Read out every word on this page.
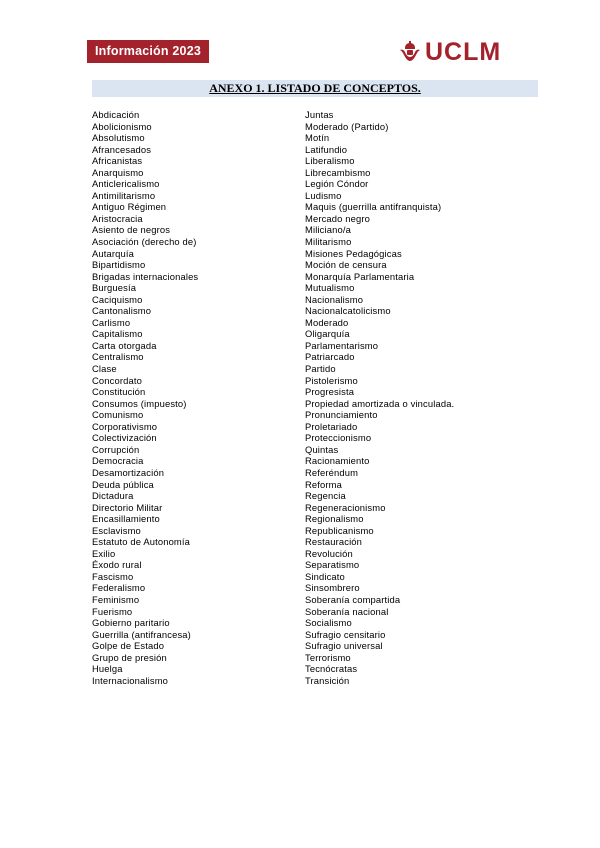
Información 2023	UCLM
ANEXO 1. LISTADO DE CONCEPTOS.
Abdicación
Abolicionismo
Absolutismo
Afrancesados
Africanistas
Anarquismo
Anticlericalismo
Antimilitarismo
Antiguo Régimen
Aristocracia
Asiento de negros
Asociación (derecho de)
Autarquía
Bipartidismo
Brigadas internacionales
Burguesía
Caciquismo
Cantonalismo
Carlismo
Capitalismo
Carta otorgada
Centralismo
Clase
Concordato
Constitución
Consumos (impuesto)
Comunismo
Corporativismo
Colectivización
Corrupción
Democracia
Desamortización
Deuda pública
Dictadura
Directorio Militar
Encasillamiento
Esclavismo
Estatuto de Autonomía
Exilio
Éxodo rural
Fascismo
Federalismo
Feminismo
Fuerismo
Gobierno paritario
Guerrilla (antifrancesa)
Golpe de Estado
Grupo de presión
Huelga
Internacionalismo
Juntas
Moderado (Partido)
Motín
Latifundio
Liberalismo
Librecambismo
Legión Cóndor
Ludismo
Maquis (guerrilla antifranquista)
Mercado negro
Miliciano/a
Militarismo
Misiones Pedagógicas
Moción de censura
Monarquía Parlamentaria
Mutualismo
Nacionalismo
Nacionalcatolicismo
Moderado
Oligarquía
Parlamentarismo
Patriarcado
Partido
Pistolerismo
Progresista
Propiedad amortizada o vinculada.
Pronunciamiento
Proletariado
Proteccionismo
Quintas
Racionamiento
Referéndum
Reforma
Regencia
Regeneracionismo
Regionalismo
Republicanismo
Restauración
Revolución
Separatismo
Sindicato
Sinsombrero
Soberanía compartida
Soberanía nacional
Socialismo
Sufragio censitario
Sufragio universal
Terrorismo
Tecnócratas
Transición
